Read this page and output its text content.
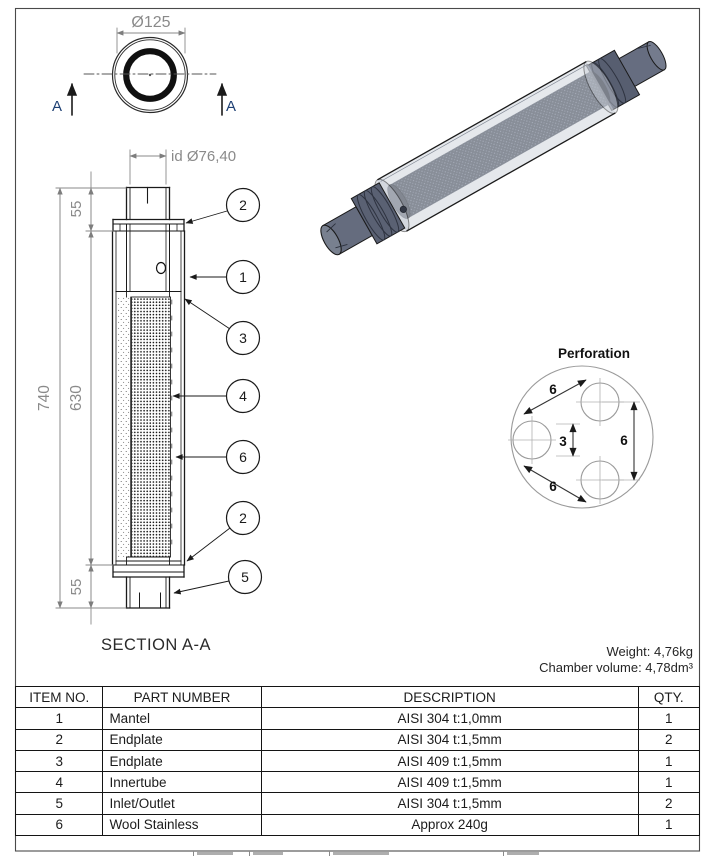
Ø125
A	A
id Ø76,40
740
55
630
55
SECTION A-A
2
1
3
4
6
2
5
Perforation
6
3	6
6
Weight: 4,76kg
Chamber volume: 4,78dm³
ITEM NO.	PART NUMBER	DESCRIPTION	QTY.
1	Mantel	AISI 304 t:1,0mm	1
2	Endplate	AISI 304 t:1,5mm	2
3	Endplate	AISI 409 t:1,5mm	1
4	Innertube	AISI 409 t:1,5mm	1
5	Inlet/Outlet	AISI 304 t:1,5mm	2
6	Wool Stainless	Approx 240g	1
